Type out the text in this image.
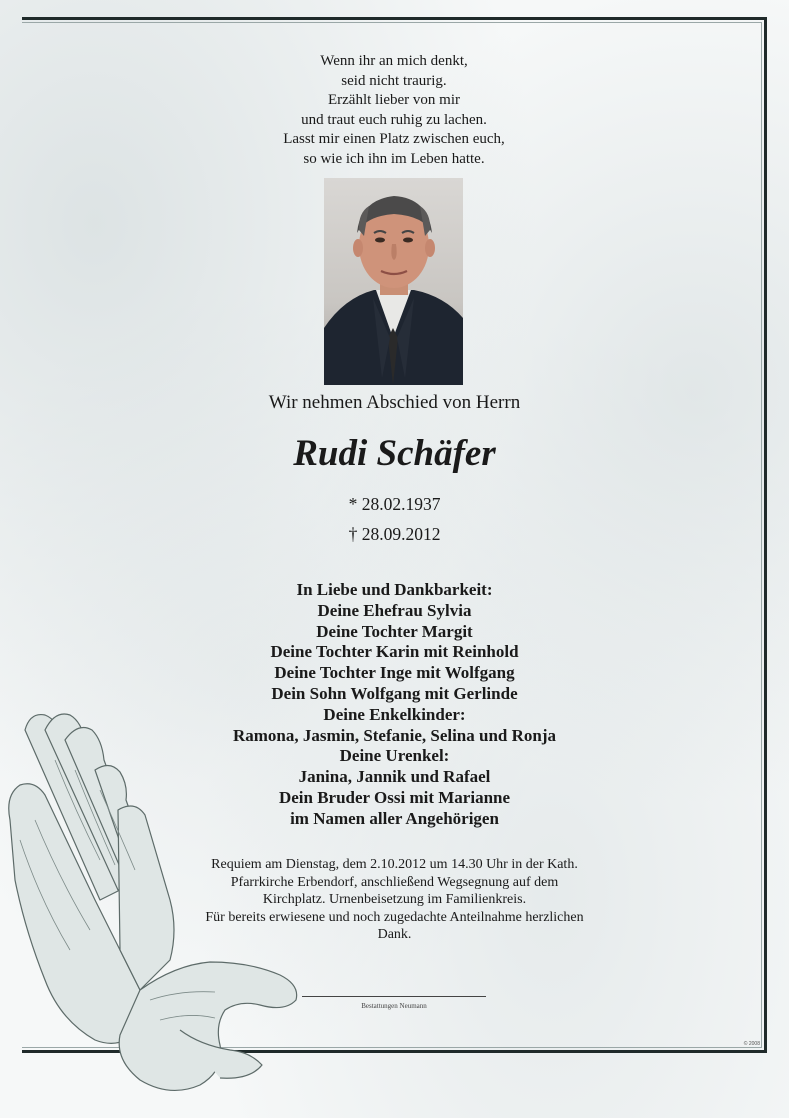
Wenn ihr an mich denkt,
seid nicht traurig.
Erzählt lieber von mir
und traut euch ruhig zu lachen.
Lasst mir einen Platz zwischen euch,
so wie ich ihn im Leben hatte.
Wir nehmen Abschied von Herrn
Rudi Schäfer
* 28.02.1937
† 28.09.2012
In Liebe und Dankbarkeit:
Deine Ehefrau Sylvia
Deine Tochter Margit
Deine Tochter Karin mit Reinhold
Deine Tochter Inge mit Wolfgang
Dein Sohn Wolfgang mit Gerlinde
Deine Enkelkinder:
Ramona, Jasmin, Stefanie, Selina und Ronja
Deine Urenkel:
Janina, Jannik und Rafael
Dein Bruder Ossi mit Marianne
im Namen aller Angehörigen
Requiem am Dienstag, dem 2.10.2012 um 14.30 Uhr in der Kath.
Pfarrkirche Erbendorf, anschließend Wegsegnung auf dem
Kirchplatz. Urnenbeisetzung im Familienkreis.
Für bereits erwiesene und noch zugedachte Anteilnahme herzlichen
Dank.
Bestattungen Neumann
© 2008
